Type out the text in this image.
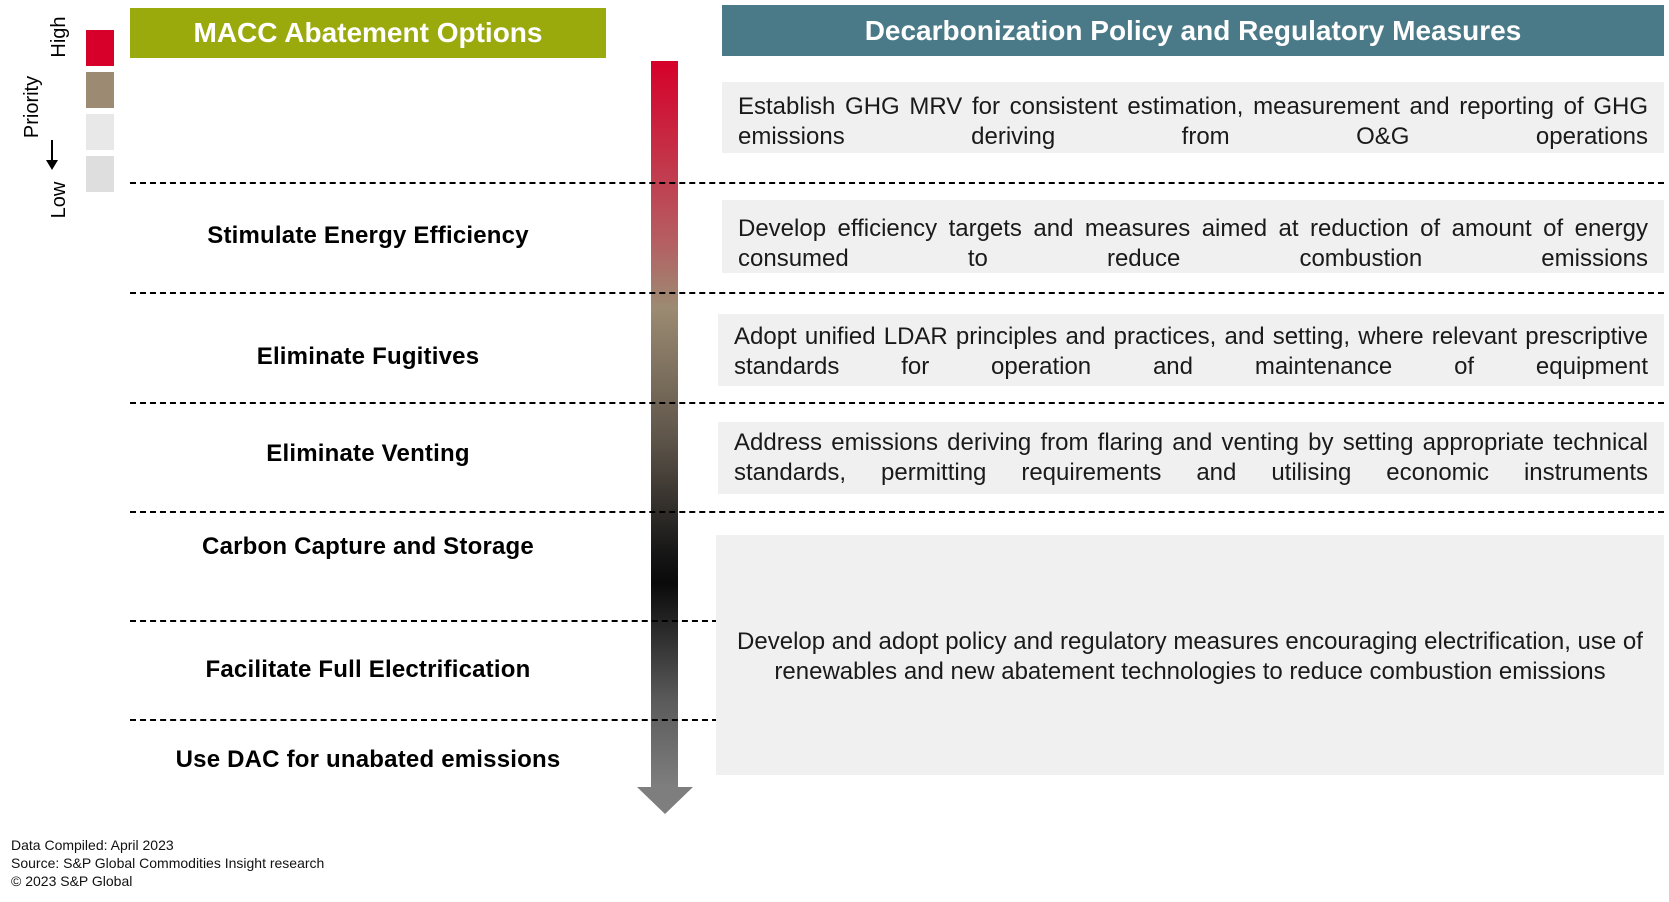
High
Priority
Low
MACC Abatement Options	Decarbonization Policy and Regulatory Measures
Stimulate Energy Efficiency
Eliminate Fugitives
Eliminate Venting
Carbon Capture and Storage
Facilitate Full Electrification
Use DAC for unabated emissions
Establish GHG MRV for consistent estimation, measurement and reporting of GHG emissions deriving from O&G operations
Develop efficiency targets and measures aimed at reduction of amount of energy consumed to reduce combustion emissions
Adopt unified LDAR principles and practices, and setting, where relevant prescriptive standards for operation and maintenance of equipment
Address emissions deriving from flaring and venting by setting appropriate technical standards, permitting requirements and utilising economic instruments
Develop and adopt policy and regulatory measures encouraging electrification, use of renewables and new abatement technologies to reduce combustion emissions
Data Compiled: April 2023
Source: S&P Global Commodities Insight research
© 2023 S&P Global
